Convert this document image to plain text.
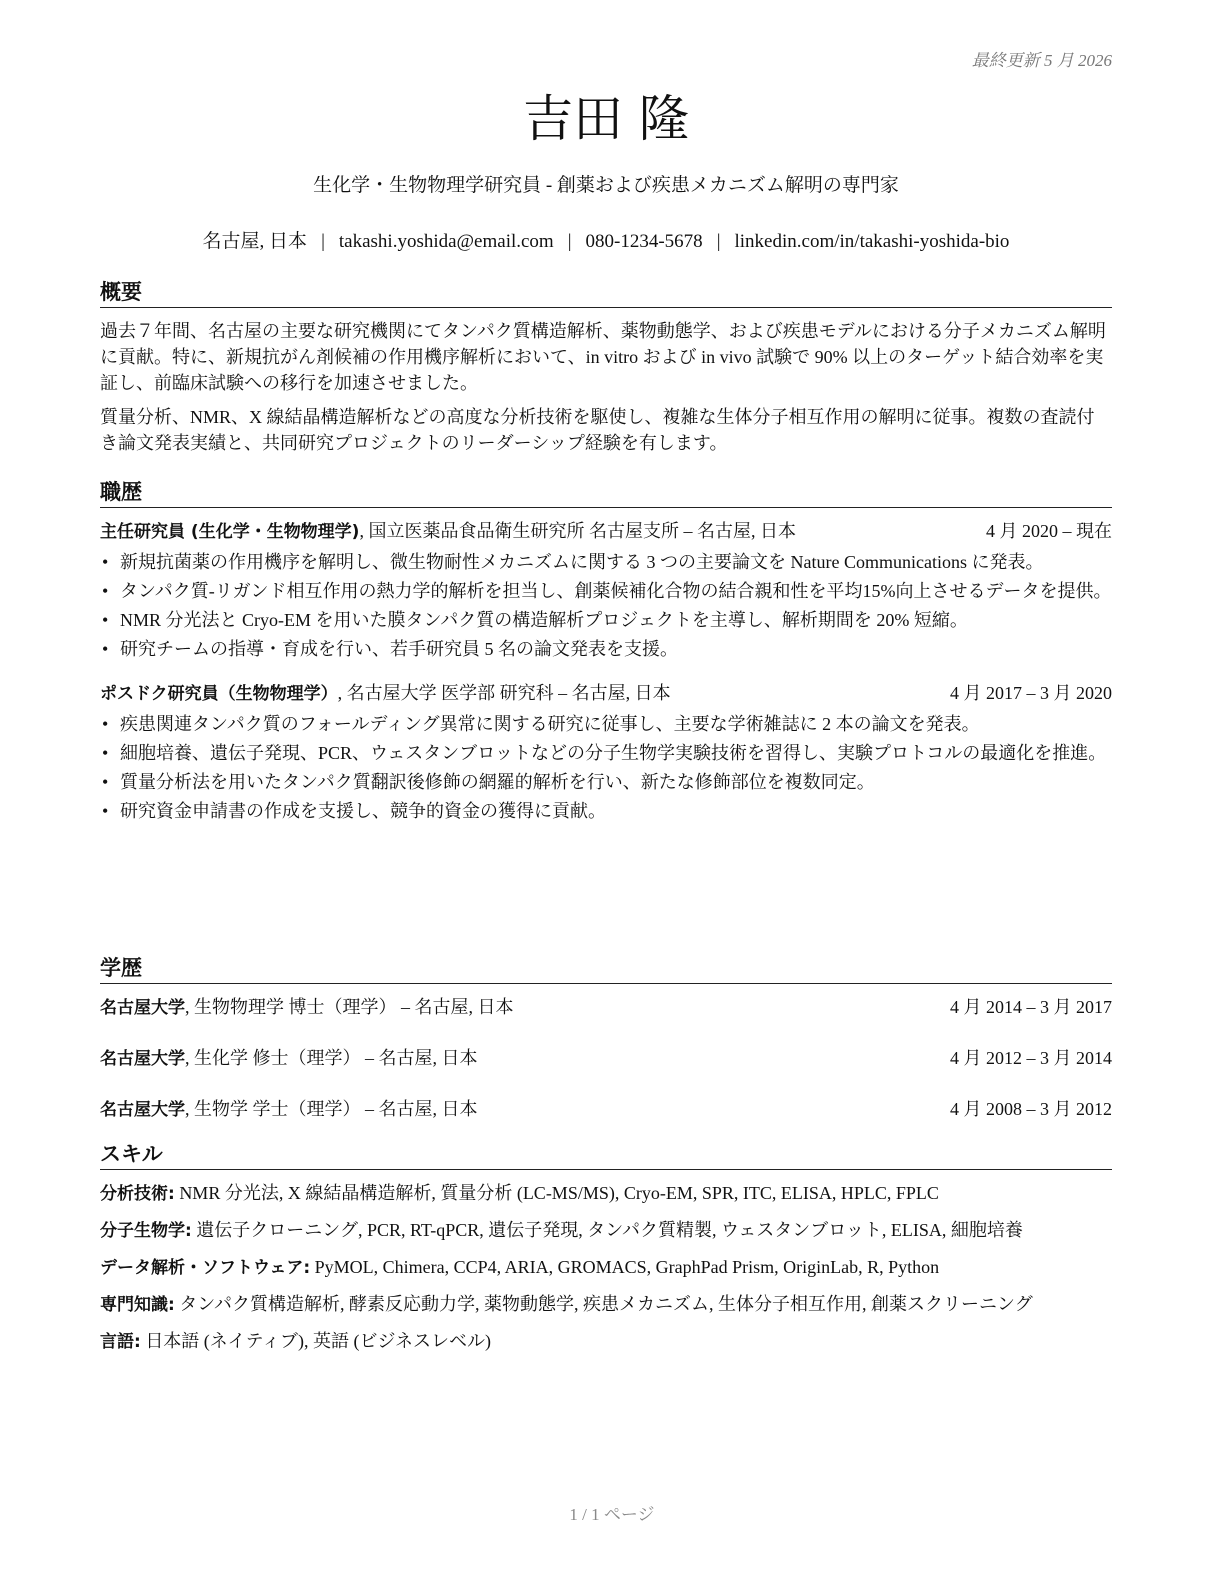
最終更新 5 月 2026
吉田 隆
生化学・生物物理学研究員 - 創薬および疾患メカニズム解明の専門家
名古屋, 日本 | takashi.yoshida@email.com | 080-1234-5678 | linkedin.com/in/takashi-yoshida-bio
概要

過去７年間、名古屋の主要な研究機関にてタンパク質構造解析、薬物動態学、および疾患モデルにおける分子メカニズム解明に貢献。特に、新規抗がん剤候補の作用機序解析において、in vitro および in vivo 試験で 90% 以上のターゲット結合効率を実証し、前臨床試験への移行を加速させました。

質量分析、NMR、X 線結晶構造解析などの高度な分析技術を駆使し、複雑な生体分子相互作用の解明に従事。複数の査読付き論文発表実績と、共同研究プロジェクトのリーダーシップ経験を有します。

職歴
主任研究員 (生化学・生物物理学), 国立医薬品食品衛生研究所 名古屋支所 – 名古屋, 日本	4 月 2020 – 現在
• 新規抗菌薬の作用機序を解明し、微生物耐性メカニズムに関する 3 つの主要論文を Nature Communications に発表。
• タンパク質-リガンド相互作用の熱力学的解析を担当し、創薬候補化合物の結合親和性を平均15%向上させるデータを提供。
• NMR 分光法と Cryo-EM を用いた膜タンパク質の構造解析プロジェクトを主導し、解析期間を 20% 短縮。
• 研究チームの指導・育成を行い、若手研究員 5 名の論文発表を支援。
ポスドク研究員（生物物理学）, 名古屋大学 医学部 研究科 – 名古屋, 日本	4 月 2017 – 3 月 2020
• 疾患関連タンパク質のフォールディング異常に関する研究に従事し、主要な学術雑誌に 2 本の論文を発表。
• 細胞培養、遺伝子発現、PCR、ウェスタンブロットなどの分子生物学実験技術を習得し、実験プロトコルの最適化を推進。
• 質量分析法を用いたタンパク質翻訳後修飾の網羅的解析を行い、新たな修飾部位を複数同定。
• 研究資金申請書の作成を支援し、競争的資金の獲得に貢献。
学歴
名古屋大学, 生物物理学 博士（理学） – 名古屋, 日本	4 月 2014 – 3 月 2017
名古屋大学, 生化学 修士（理学） – 名古屋, 日本	4 月 2012 – 3 月 2014
名古屋大学, 生物学 学士（理学） – 名古屋, 日本	4 月 2008 – 3 月 2012
スキル
分析技術: NMR 分光法, X 線結晶構造解析, 質量分析 (LC-MS/MS), Cryo-EM, SPR, ITC, ELISA, HPLC, FPLC
分子生物学: 遺伝子クローニング, PCR, RT-qPCR, 遺伝子発現, タンパク質精製, ウェスタンブロット, ELISA, 細胞培養
データ解析・ソフトウェア: PyMOL, Chimera, CCP4, ARIA, GROMACS, GraphPad Prism, OriginLab, R, Python
専門知識: タンパク質構造解析, 酵素反応動力学, 薬物動態学, 疾患メカニズム, 生体分子相互作用, 創薬スクリーニング
言語: 日本語 (ネイティブ), 英語 (ビジネスレベル)
1 / 1 ページ
